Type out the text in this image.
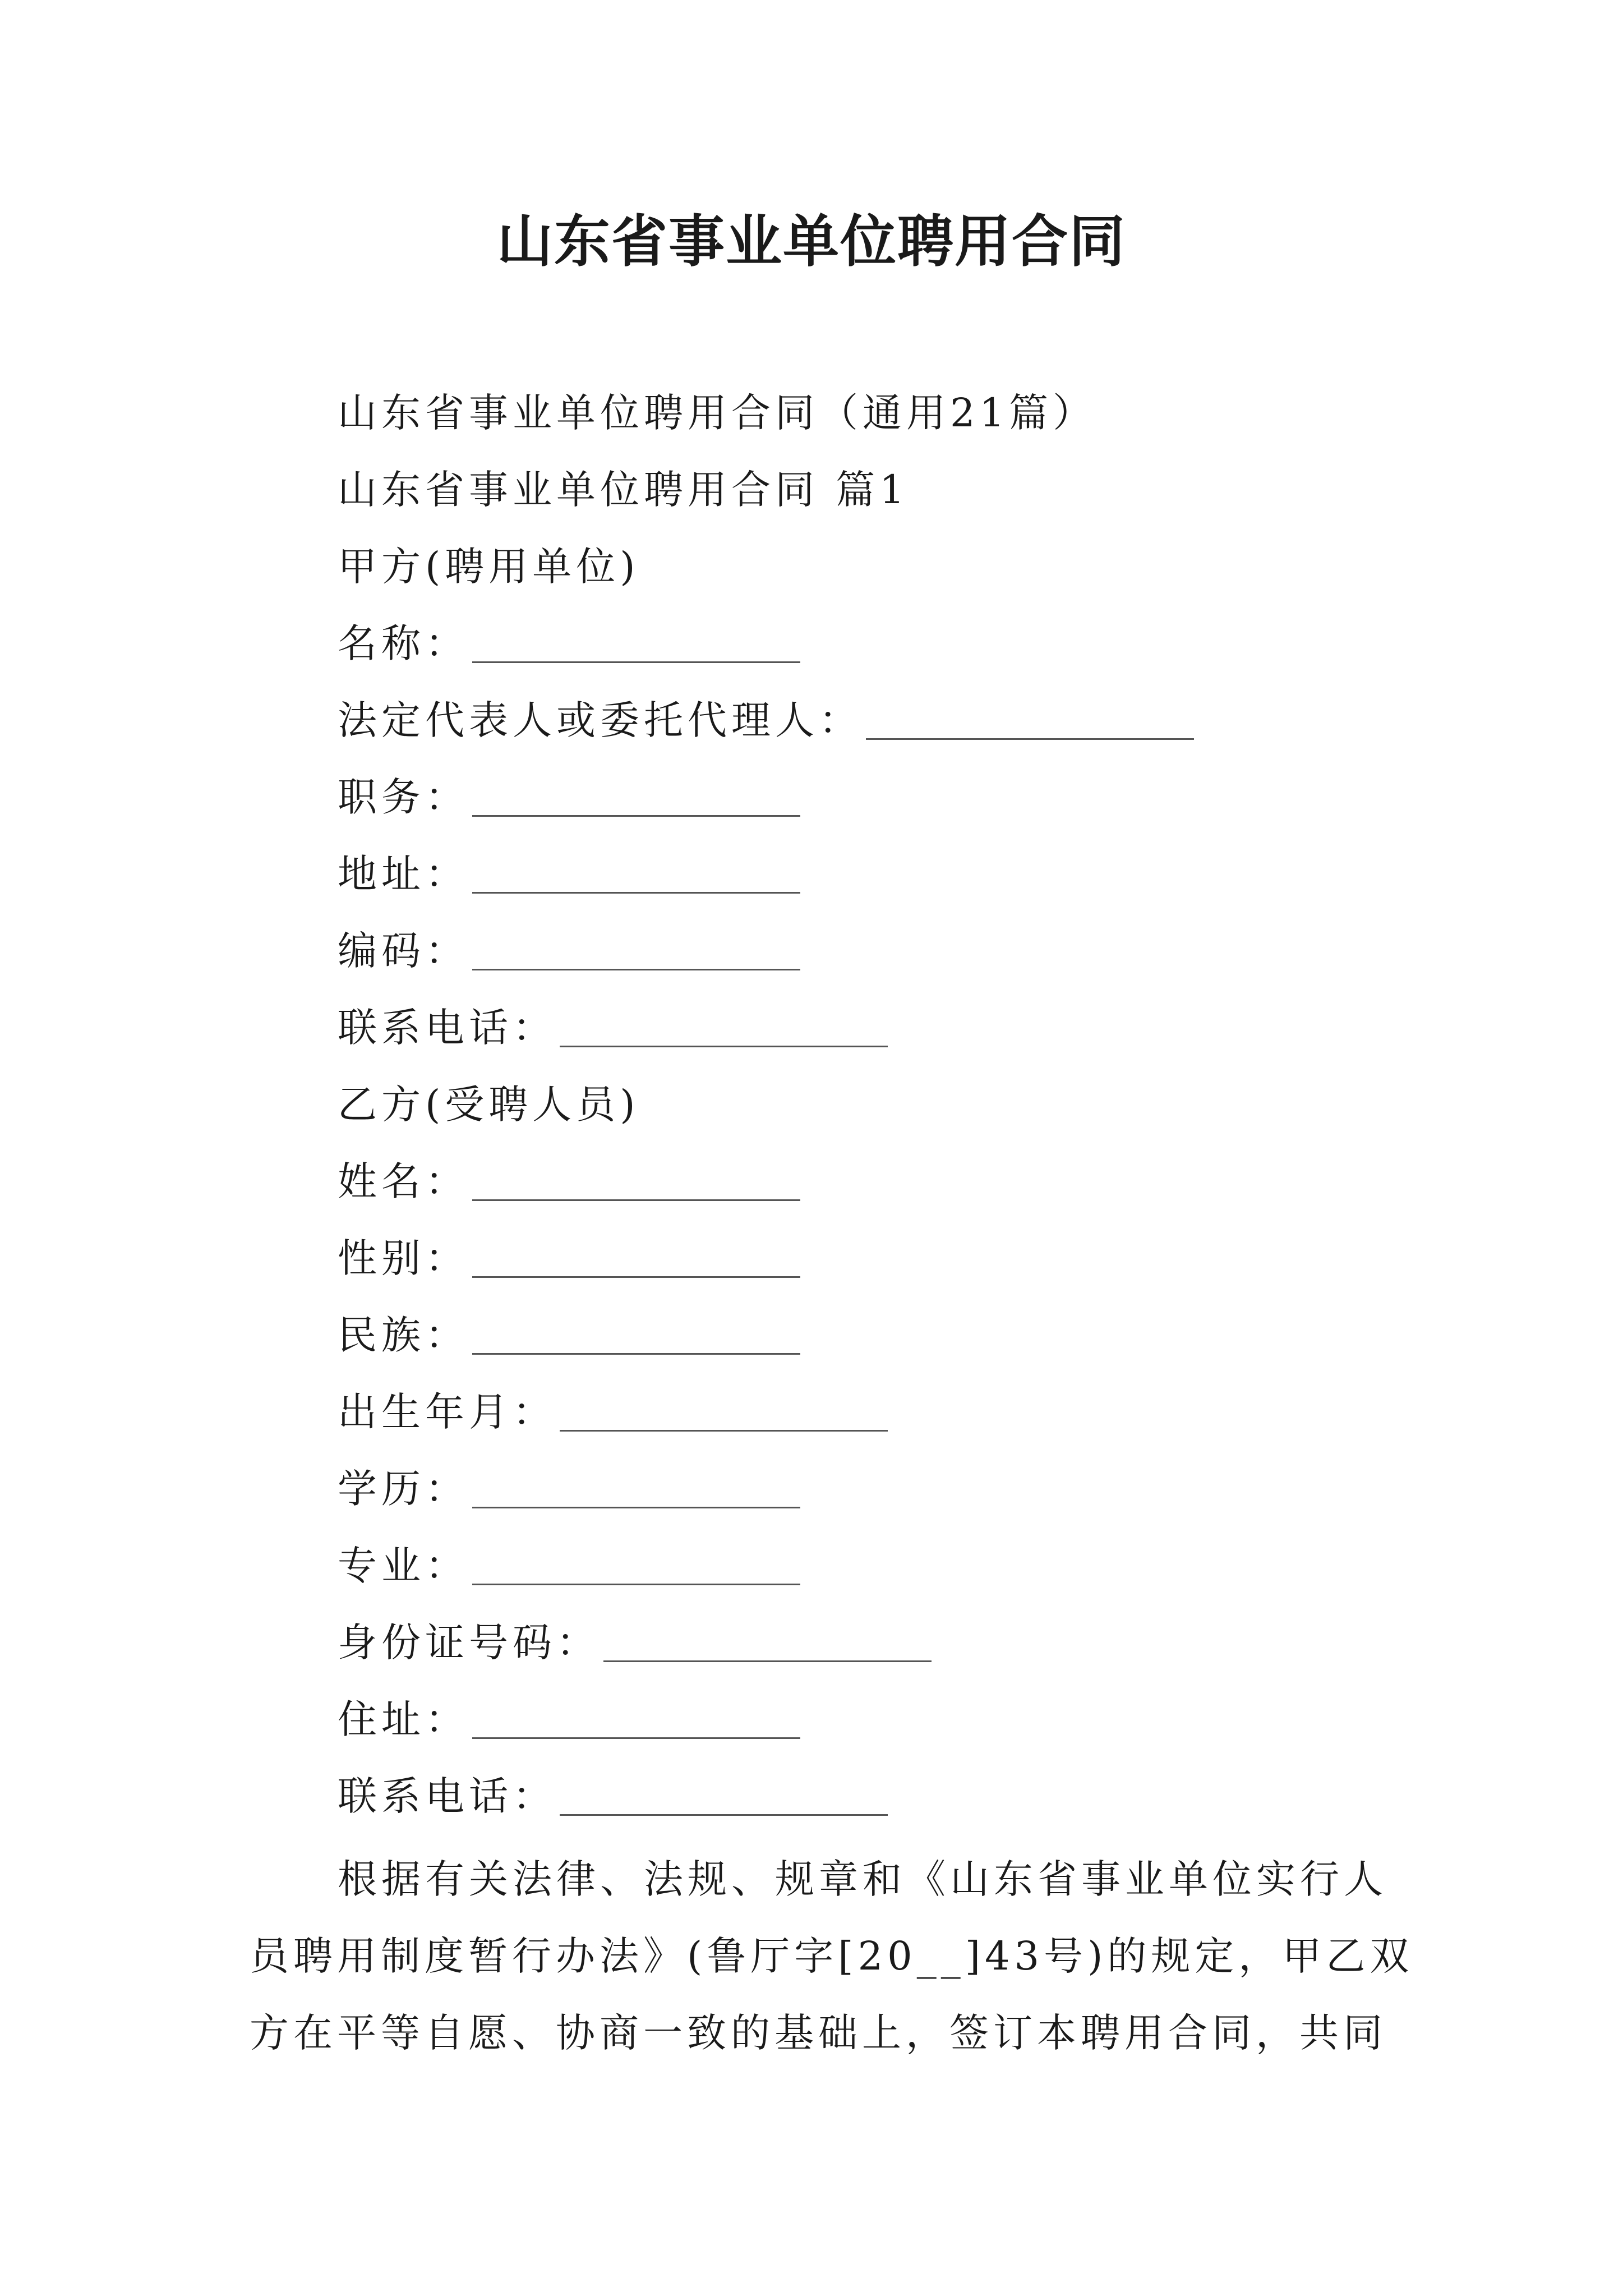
山东省事业单位聘用合同
山东省事业单位聘用合同（通用21篇）
山东省事业单位聘用合同 篇1
甲方(聘用单位)
名称：
法定代表人或委托代理人：
职务：
地址：
编码：
联系电话：
乙方(受聘人员)
姓名：
性别：
民族：
出生年月：
学历：
专业：
身份证号码：
住址：
联系电话：
根据有关法律、法规、规章和《山东省事业单位实行人
员聘用制度暂行办法》(鲁厅字[20__]43号)的规定，甲乙双
方在平等自愿、协商一致的基础上，签订本聘用合同，共同
